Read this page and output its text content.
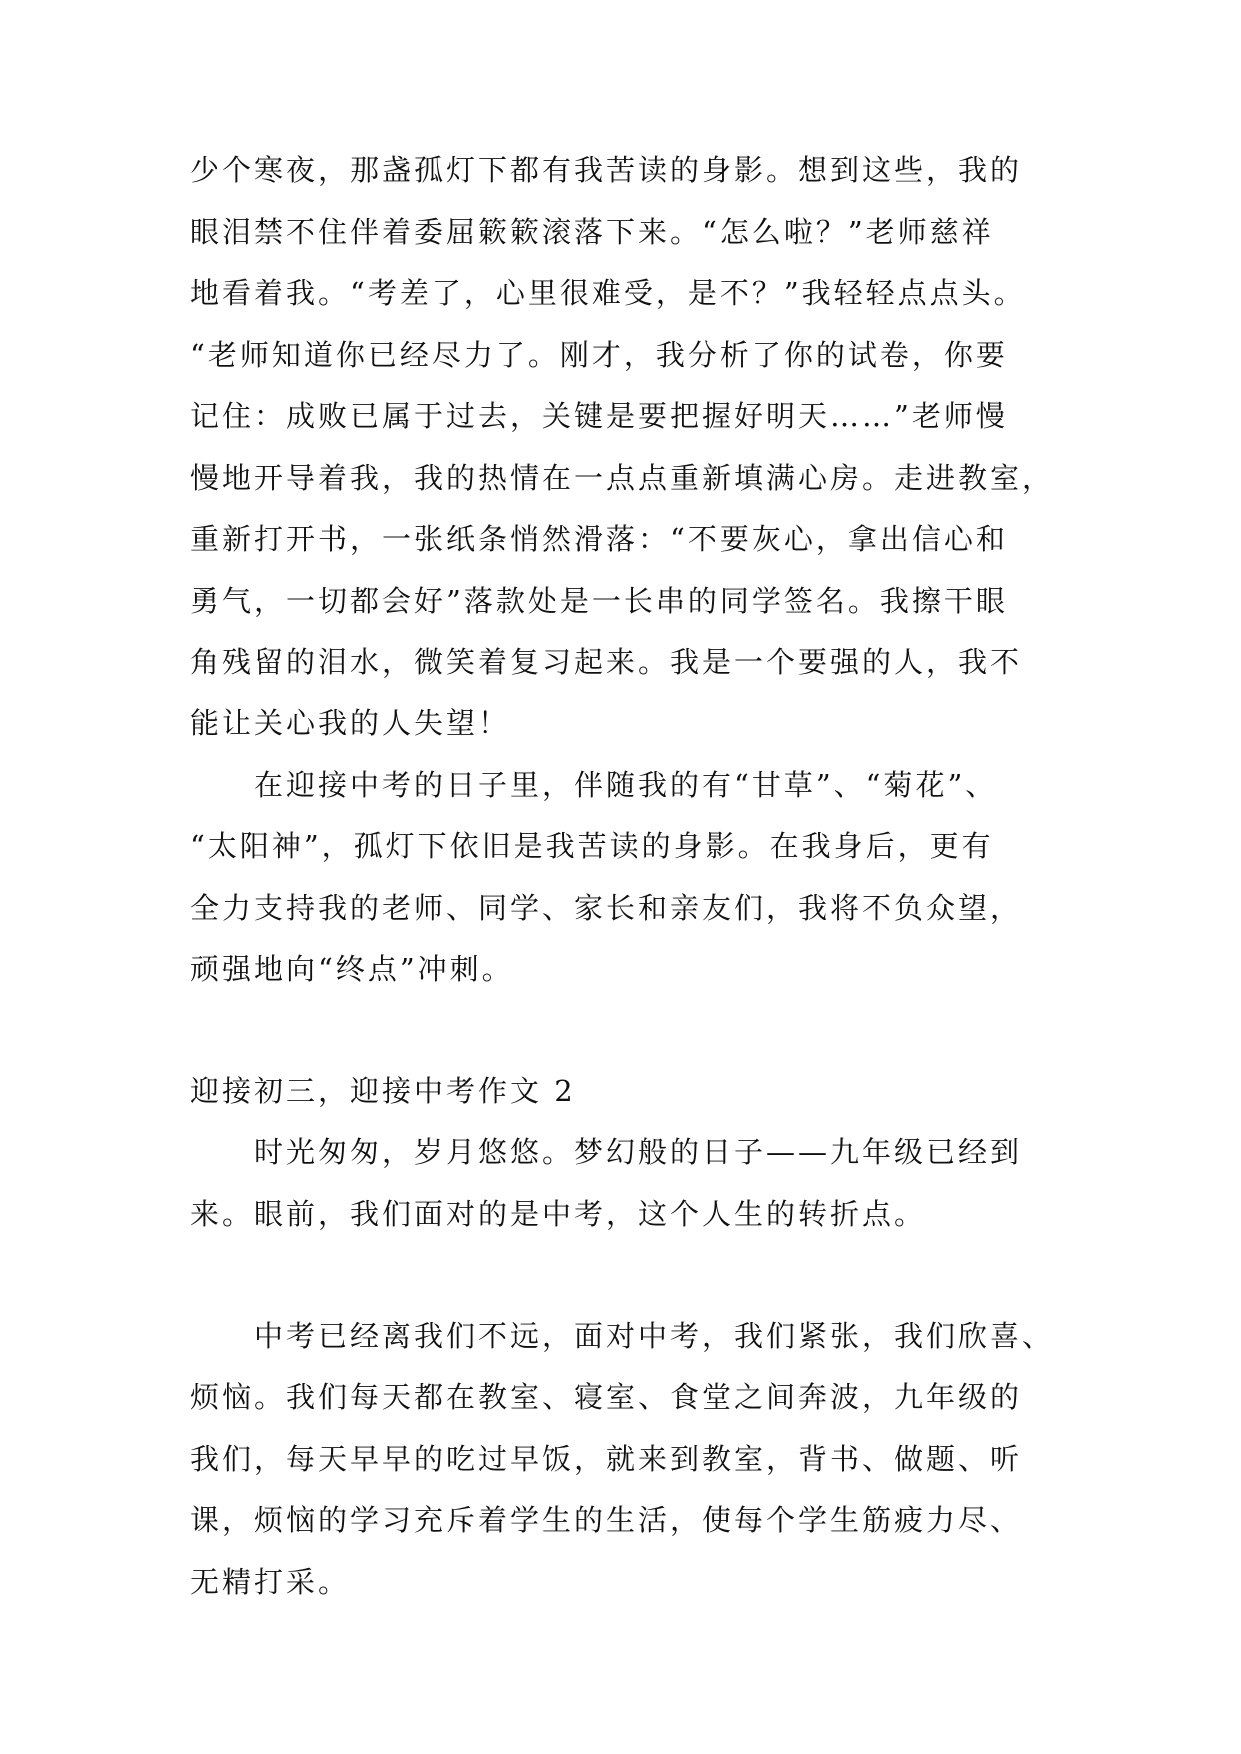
少个寒夜，那盏孤灯下都有我苦读的身影。想到这些，我的
眼泪禁不住伴着委屈簌簌滚落下来。“怎么啦？”老师慈祥
地看着我。“考差了，心里很难受，是不？”我轻轻点点头。
“老师知道你已经尽力了。刚才，我分析了你的试卷，你要
记住：成败已属于过去，关键是要把握好明天……”老师慢
慢地开导着我，我的热情在一点点重新填满心房。走进教室，
重新打开书，一张纸条悄然滑落：“不要灰心，拿出信心和
勇气，一切都会好”落款处是一长串的同学签名。我擦干眼
角残留的泪水，微笑着复习起来。我是一个要强的人，我不
能让关心我的人失望！
　　在迎接中考的日子里，伴随我的有“甘草”、“菊花”、
“太阳神”，孤灯下依旧是我苦读的身影。在我身后，更有
全力支持我的老师、同学、家长和亲友们，我将不负众望，
顽强地向“终点”冲刺。
迎接初三，迎接中考作文 2
　　时光匆匆，岁月悠悠。梦幻般的日子——九年级已经到
来。眼前，我们面对的是中考，这个人生的转折点。
　　中考已经离我们不远，面对中考，我们紧张，我们欣喜、
烦恼。我们每天都在教室、寝室、食堂之间奔波，九年级的
我们，每天早早的吃过早饭，就来到教室，背书、做题、听
课，烦恼的学习充斥着学生的生活，使每个学生筋疲力尽、
无精打采。
